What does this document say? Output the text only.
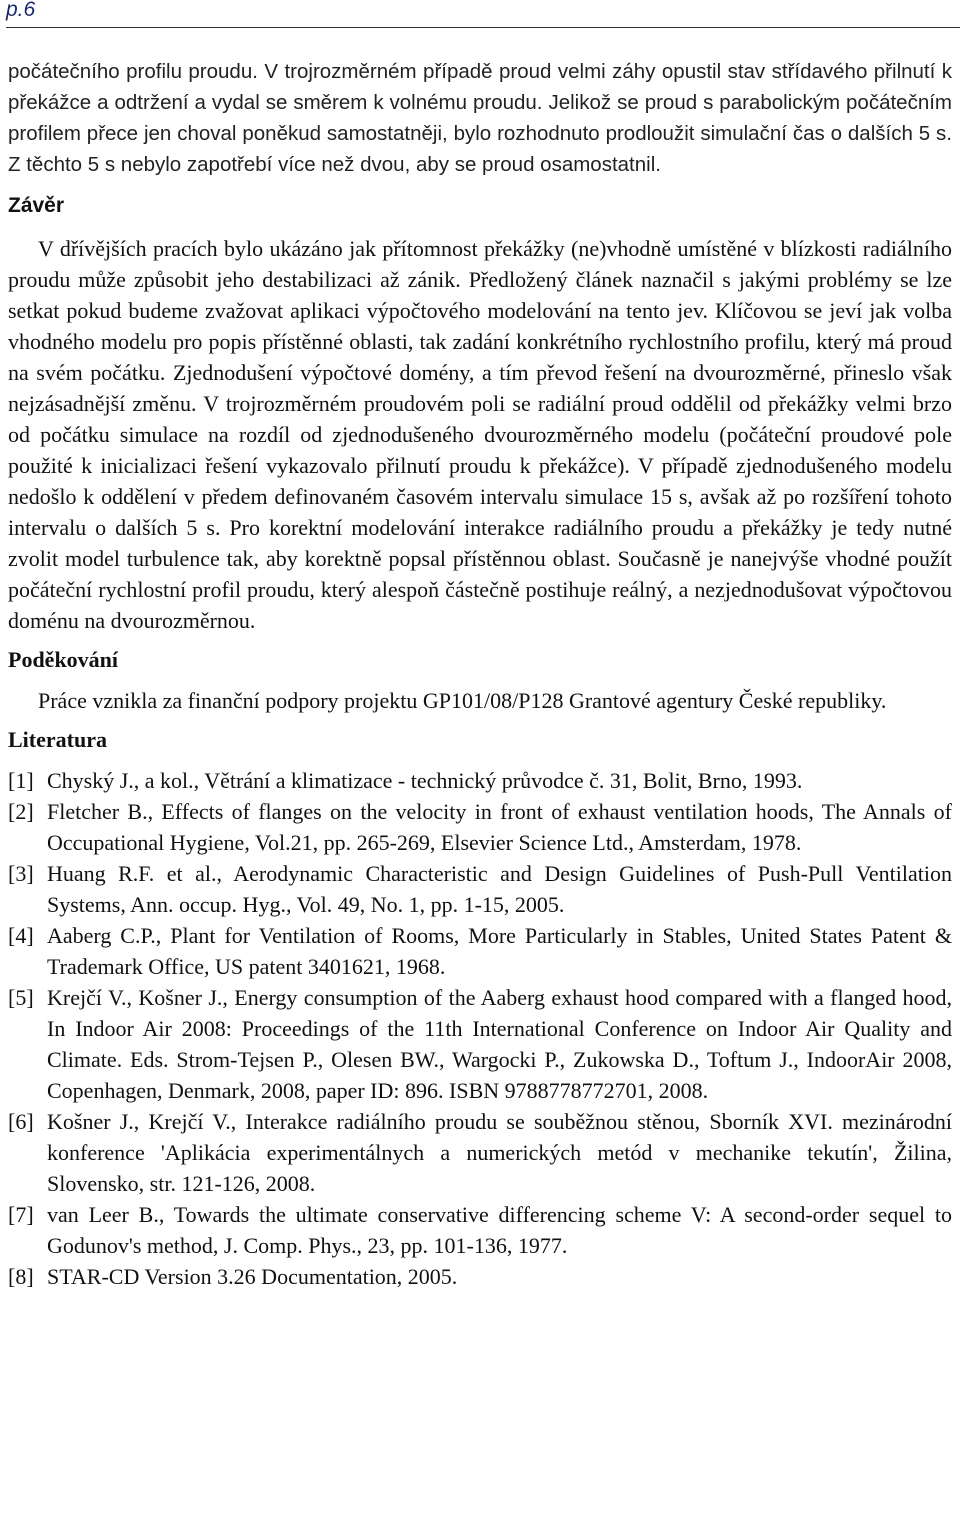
p.6

počátečního profilu proudu. V trojrozměrném případě proud velmi záhy opustil stav střídavého přilnutí k překážce a odtržení a vydal se směrem k volnému proudu. Jelikož se proud s parabolickým počátečním profilem přece jen choval poněkud samostatněji, bylo rozhodnuto prodloužit simulační čas o dalších 5 s. Z těchto 5 s nebylo zapotřebí více než dvou, aby se proud osamostatnil.

Závěr

V dřívějších pracích bylo ukázáno jak přítomnost překážky (ne)vhodně umístěné v blízkosti radiálního proudu může způsobit jeho destabilizaci až zánik. Předložený článek naznačil s jakými problémy se lze setkat pokud budeme zvažovat aplikaci výpočtového modelování na tento jev. Klíčovou se jeví jak volba vhodného modelu pro popis přístěnné oblasti, tak zadání konkrétního rychlostního profilu, který má proud na svém počátku. Zjednodušení výpočtové domény, a tím převod řešení na dvourozměrné, přineslo však nejzásadnější změnu. V trojrozměrném proudovém poli se radiální proud oddělil od překážky velmi brzo od počátku simulace na rozdíl od zjednodušeného dvourozměrného modelu (počáteční proudové pole použité k inicializaci řešení vykazovalo přilnutí proudu k překážce). V případě zjednodušeného modelu nedošlo k oddělení v předem definovaném časovém intervalu simulace 15 s, avšak až po rozšíření tohoto intervalu o dalších 5 s. Pro korektní modelování interakce radiálního proudu a překážky je tedy nutné zvolit model turbulence tak, aby korektně popsal přístěnnou oblast. Současně je nanejvýše vhodné použít počáteční rychlostní profil proudu, který alespoň částečně postihuje reálný, a nezjednodušovat výpočtovou doménu na dvourozměrnou.

Poděkování

Práce vznikla za finanční podpory projektu GP101/08/P128 Grantové agentury České republiky.

Literatura
[1] Chyský J., a kol., Větrání a klimatizace - technický průvodce č. 31, Bolit, Brno, 1993.
[2] Fletcher B., Effects of flanges on the velocity in front of exhaust ventilation hoods, The Annals of Occupational Hygiene, Vol.21, pp. 265-269, Elsevier Science Ltd., Amsterdam, 1978.
[3] Huang R.F. et al., Aerodynamic Characteristic and Design Guidelines of Push-Pull Ventilation Systems, Ann. occup. Hyg., Vol. 49, No. 1, pp. 1-15, 2005.
[4] Aaberg C.P., Plant for Ventilation of Rooms, More Particularly in Stables, United States Patent & Trademark Office, US patent 3401621, 1968.
[5] Krejčí V., Košner J., Energy consumption of the Aaberg exhaust hood compared with a flanged hood, In Indoor Air 2008: Proceedings of the 11th International Conference on Indoor Air Quality and Climate. Eds. Strom-Tejsen P., Olesen BW., Wargocki P., Zukowska D., Toftum J., IndoorAir 2008, Copenhagen, Denmark, 2008, paper ID: 896. ISBN 9788778772701, 2008.
[6] Košner J., Krejčí V., Interakce radiálního proudu se souběžnou stěnou, Sborník XVI. mezinárodní konference 'Aplikácia experimentálnych a numerických metód v mechanike tekutín', Žilina, Slovensko, str. 121-126, 2008.
[7] van Leer B., Towards the ultimate conservative differencing scheme V: A second-order sequel to Godunov's method, J. Comp. Phys., 23, pp. 101-136, 1977.
[8] STAR-CD Version 3.26 Documentation, 2005.
